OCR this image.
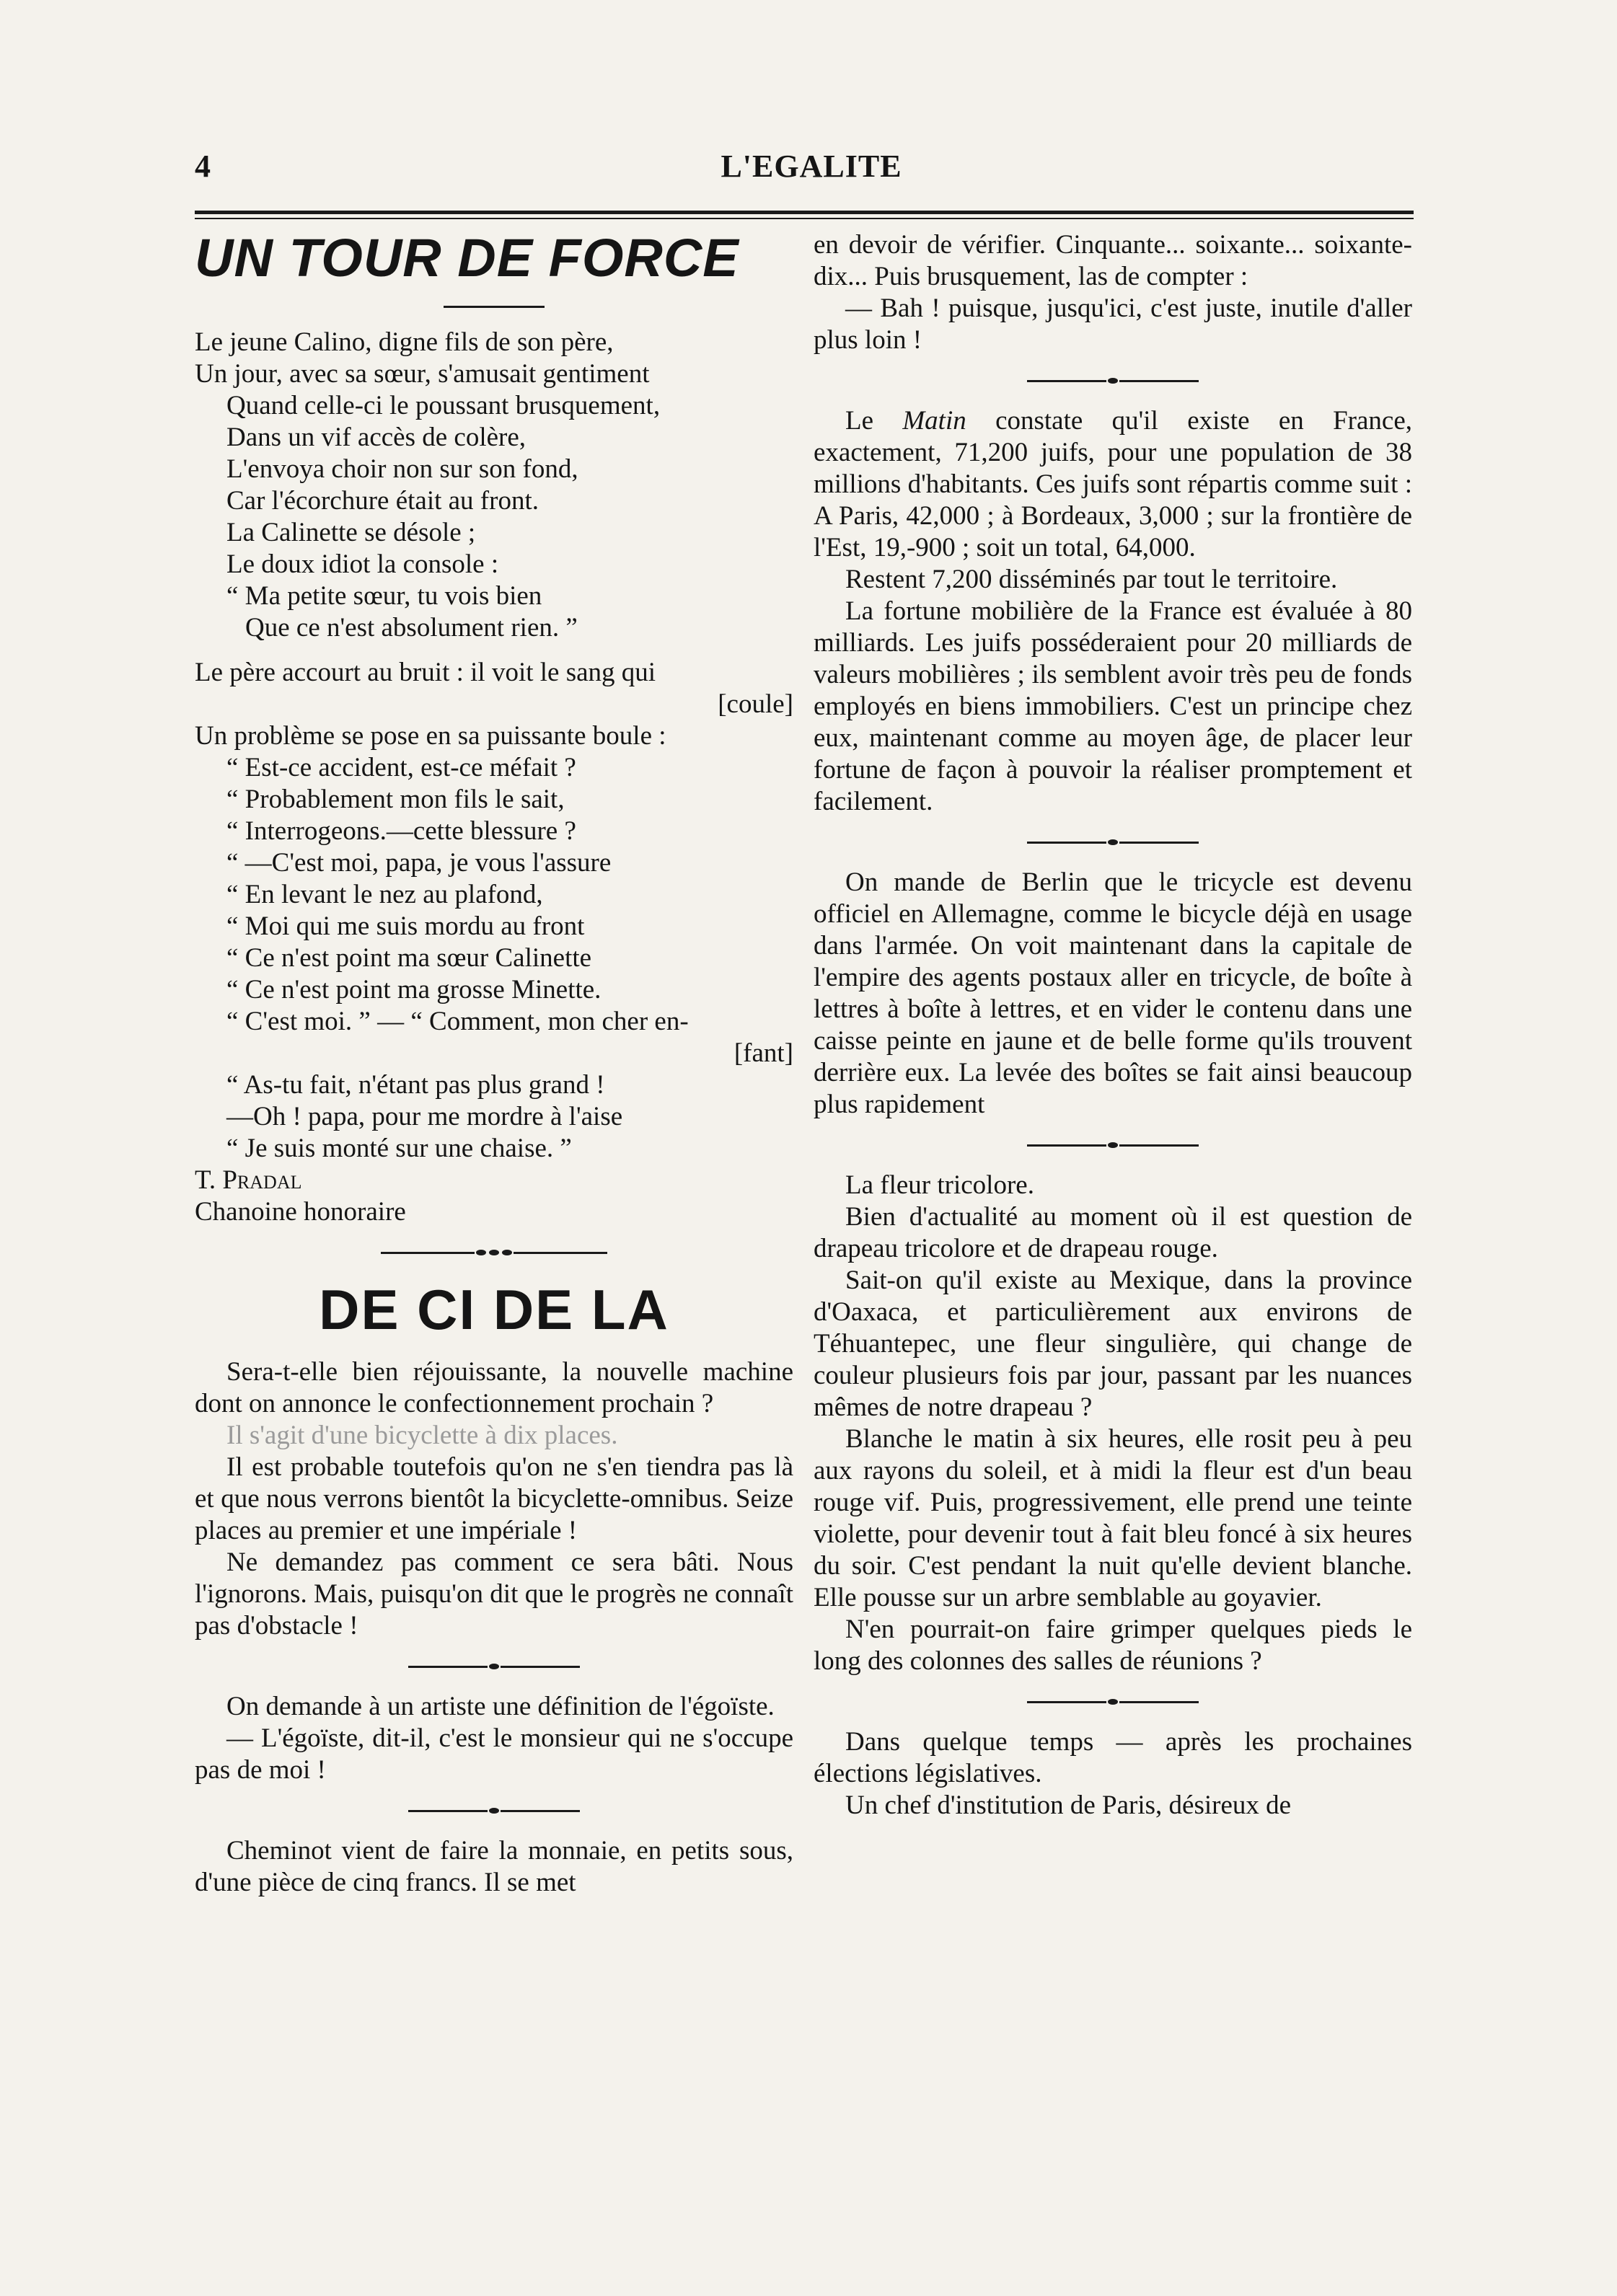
4	L'EGALITE
UN TOUR DE FORCE

Le jeune Calino, digne fils de son père,

Un jour, avec sa sœur, s'amusait gentiment

Quand celle-ci le poussant brusquement,

Dans un vif accès de colère,

L'envoya choir non sur son fond,

Car l'écorchure était au front.

La Calinette se désole ;

Le doux idiot la console :

“ Ma petite sœur, tu vois bien

Que ce n'est absolument rien. ”

Le père accourt au bruit : il voit le sang qui

[coule]

Un problème se pose en sa puissante boule :

“ Est-ce accident, est-ce méfait ?

“ Probablement mon fils le sait,

“ Interrogeons.—cette blessure ?

“ —C'est moi, papa, je vous l'assure

“ En levant le nez au plafond,

“ Moi qui me suis mordu au front

“ Ce n'est point ma sœur Calinette

“ Ce n'est point ma grosse Minette.

“ C'est moi. ” — “ Comment, mon cher en-

[fant]

“ As-tu fait, n'étant pas plus grand !

—Oh ! papa, pour me mordre à l'aise

“ Je suis monté sur une chaise. ”

T. Pradal

Chanoine honoraire

DE CI DE LA

Sera-t-elle bien réjouissante, la nouvelle machine dont on annonce le confectionnement prochain ?

Il s'agit d'une bicyclette à dix places.

Il est probable toutefois qu'on ne s'en tiendra pas là et que nous verrons bientôt la bicyclette-omnibus. Seize places au premier et une impériale !

Ne demandez pas comment ce sera bâti. Nous l'ignorons. Mais, puisqu'on dit que le progrès ne connaît pas d'obstacle !

On demande à un artiste une définition de l'égoïste.

— L'égoïste, dit-il, c'est le monsieur qui ne s'occupe pas de moi !

Cheminot vient de faire la monnaie, en petits sous, d'une pièce de cinq francs. Il se met

en devoir de vérifier. Cinquante... soixante... soixante-dix... Puis brusquement, las de compter :

— Bah ! puisque, jusqu'ici, c'est juste, inutile d'aller plus loin !

Le Matin constate qu'il existe en France, exactement, 71,200 juifs, pour une population de 38 millions d'habitants. Ces juifs sont répartis comme suit : A Paris, 42,000 ; à Bordeaux, 3,000 ; sur la frontière de l'Est, 19,-900 ; soit un total, 64,000.

Restent 7,200 disséminés par tout le territoire.

La fortune mobilière de la France est évaluée à 80 milliards. Les juifs posséderaient pour 20 milliards de valeurs mobilières ; ils semblent avoir très peu de fonds employés en biens immobiliers. C'est un principe chez eux, maintenant comme au moyen âge, de placer leur fortune de façon à pouvoir la réaliser promptement et facilement.

On mande de Berlin que le tricycle est devenu officiel en Allemagne, comme le bicycle déjà en usage dans l'armée. On voit maintenant dans la capitale de l'empire des agents postaux aller en tricycle, de boîte à lettres à boîte à lettres, et en vider le contenu dans une caisse peinte en jaune et de belle forme qu'ils trouvent derrière eux. La levée des boîtes se fait ainsi beaucoup plus rapidement

La fleur tricolore.

Bien d'actualité au moment où il est question de drapeau tricolore et de drapeau rouge.

Sait-on qu'il existe au Mexique, dans la province d'Oaxaca, et particulièrement aux environs de Téhuantepec, une fleur singulière, qui change de couleur plusieurs fois par jour, passant par les nuances mêmes de notre drapeau ?

Blanche le matin à six heures, elle rosit peu à peu aux rayons du soleil, et à midi la fleur est d'un beau rouge vif. Puis, progressivement, elle prend une teinte violette, pour devenir tout à fait bleu foncé à six heures du soir. C'est pendant la nuit qu'elle devient blanche. Elle pousse sur un arbre semblable au goyavier.

N'en pourrait-on faire grimper quelques pieds le long des colonnes des salles de réunions ?

Dans quelque temps — après les prochaines élections législatives.

Un chef d'institution de Paris, désireux de
